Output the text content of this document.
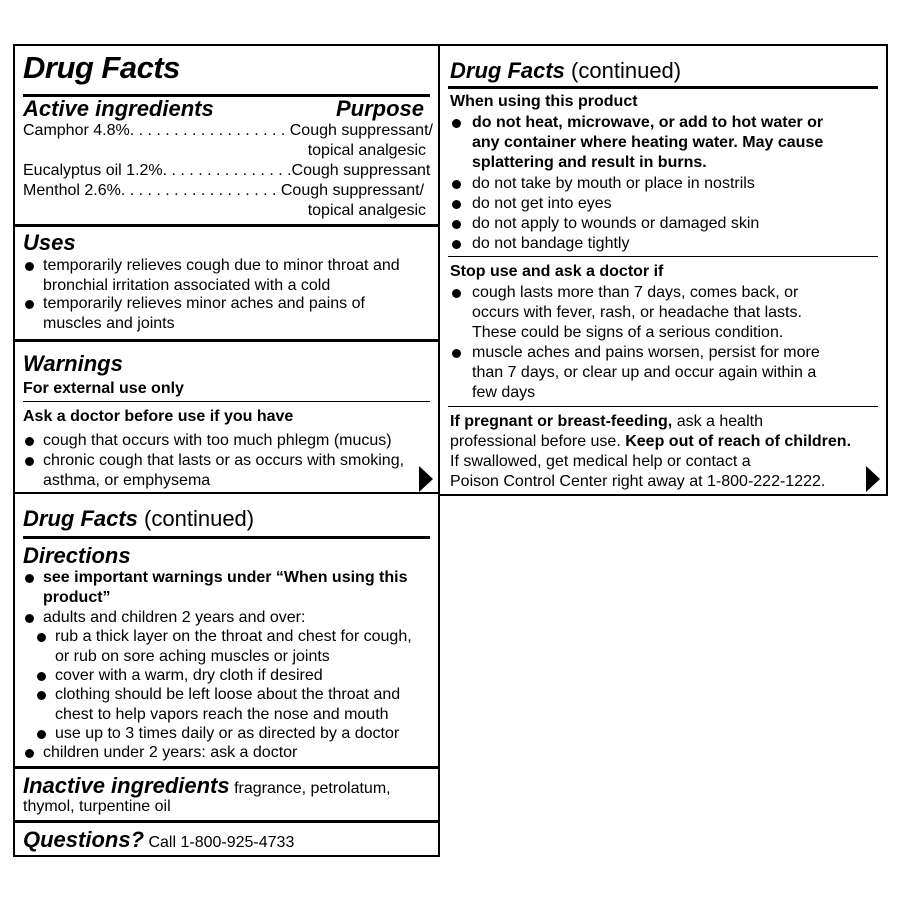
Drug Facts
Active ingredients	Purpose
Camphor 4.8%. . . . . . . . . . . . . . . . . . Cough suppressant/
topical analgesic
Eucalyptus oil 1.2%. . . . . . . . . . . . . . .Cough suppressant
Menthol 2.6%. . . . . . . . . . . . . . . . . . Cough suppressant/
topical analgesic
Uses
temporarily relieves cough due to minor throat and
bronchial irritation associated with a cold
temporarily relieves minor aches and pains of
muscles and joints
Warnings
For external use only
Ask a doctor before use if you have
cough that occurs with too much phlegm (mucus)
chronic cough that lasts or as occurs with smoking,
asthma, or emphysema
Drug Facts (continued)
When using this product
do not heat, microwave, or add to hot water or
any container where heating water. May cause
splattering and result in burns.
do not take by mouth or place in nostrils
do not get into eyes
do not apply to wounds or damaged skin
do not bandage tightly
Stop use and ask a doctor if
cough lasts more than 7 days, comes back, or
occurs with fever, rash, or headache that lasts.
These could be signs of a serious condition.
muscle aches and pains worsen, persist for more
than 7 days, or clear up and occur again within a
few days
If pregnant or breast-feeding, ask a health
professional before use. Keep out of reach of children.
If swallowed, get medical help or contact a
Poison Control Center right away at 1-800-222-1222.
Drug Facts (continued)
Directions
see important warnings under “When using this
product”
adults and children 2 years and over:
rub a thick layer on the throat and chest for cough,
or rub on sore aching muscles or joints
cover with a warm, dry cloth if desired
clothing should be left loose about the throat and
chest to help vapors reach the nose and mouth
use up to 3 times daily or as directed by a doctor
children under 2 years: ask a doctor
Inactive ingredients fragrance, petrolatum,
thymol, turpentine oil
Questions? Call 1-800-925-4733
